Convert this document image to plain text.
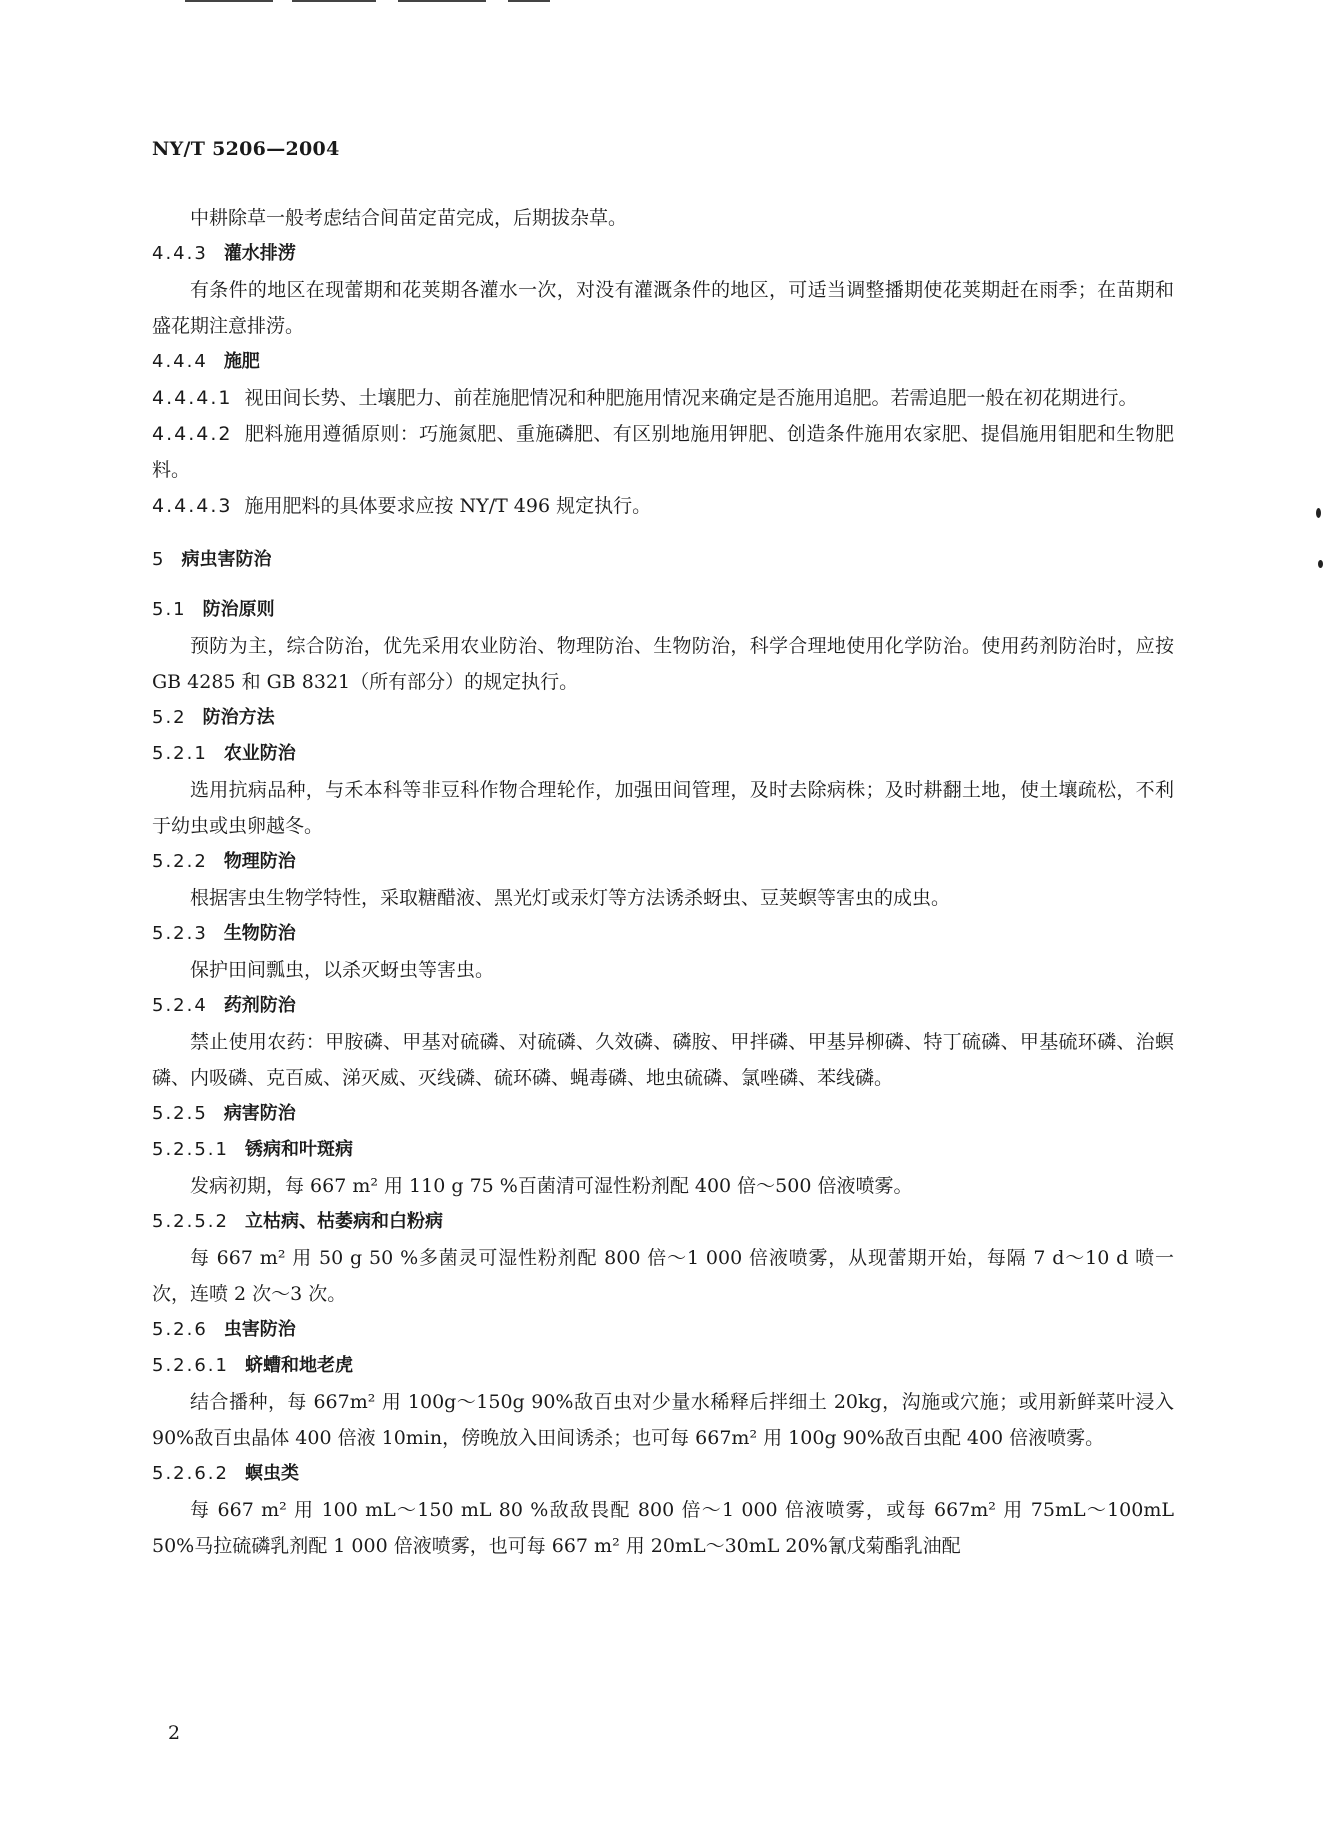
NY/T 5206—2004

中耕除草一般考虑结合间苗定苗完成，后期拔杂草。

4.4.3 灌水排涝

有条件的地区在现蕾期和花荚期各灌水一次，对没有灌溉条件的地区，可适当调整播期使花荚期赶在雨季；在苗期和盛花期注意排涝。

4.4.4 施肥

4.4.4.1 视田间长势、土壤肥力、前茬施肥情况和种肥施用情况来确定是否施用追肥。若需追肥一般在初花期进行。

4.4.4.2 肥料施用遵循原则：巧施氮肥、重施磷肥、有区别地施用钾肥、创造条件施用农家肥、提倡施用钼肥和生物肥料。

4.4.4.3 施用肥料的具体要求应按 NY/T 496 规定执行。

5 病虫害防治
5.1 防治原则

预防为主，综合防治，优先采用农业防治、物理防治、生物防治，科学合理地使用化学防治。使用药剂防治时，应按 GB 4285 和 GB 8321（所有部分）的规定执行。

5.2 防治方法
5.2.1 农业防治

选用抗病品种，与禾本科等非豆科作物合理轮作，加强田间管理，及时去除病株；及时耕翻土地，使土壤疏松，不利于幼虫或虫卵越冬。

5.2.2 物理防治

根据害虫生物学特性，采取糖醋液、黑光灯或汞灯等方法诱杀蚜虫、豆荚螟等害虫的成虫。

5.2.3 生物防治

保护田间瓢虫，以杀灭蚜虫等害虫。

5.2.4 药剂防治

禁止使用农药：甲胺磷、甲基对硫磷、对硫磷、久效磷、磷胺、甲拌磷、甲基异柳磷、特丁硫磷、甲基硫环磷、治螟磷、内吸磷、克百威、涕灭威、灭线磷、硫环磷、蝇毒磷、地虫硫磷、氯唑磷、苯线磷。

5.2.5 病害防治
5.2.5.1 锈病和叶斑病

发病初期，每 667 m² 用 110 g 75 %百菌清可湿性粉剂配 400 倍～500 倍液喷雾。

5.2.5.2 立枯病、枯萎病和白粉病

每 667 m² 用 50 g 50 %多菌灵可湿性粉剂配 800 倍～1 000 倍液喷雾，从现蕾期开始，每隔 7 d～10 d 喷一次，连喷 2 次～3 次。

5.2.6 虫害防治
5.2.6.1 蛴螬和地老虎

结合播种，每 667m² 用 100g～150g 90%敌百虫对少量水稀释后拌细土 20kg，沟施或穴施；或用新鲜菜叶浸入 90%敌百虫晶体 400 倍液 10min，傍晚放入田间诱杀；也可每 667m² 用 100g 90%敌百虫配 400 倍液喷雾。

5.2.6.2 螟虫类

每 667 m² 用 100 mL～150 mL 80 %敌敌畏配 800 倍～1 000 倍液喷雾，或每 667m² 用 75mL～100mL 50%马拉硫磷乳剂配 1 000 倍液喷雾，也可每 667 m² 用 20mL～30mL 20%氰戊菊酯乳油配

2
